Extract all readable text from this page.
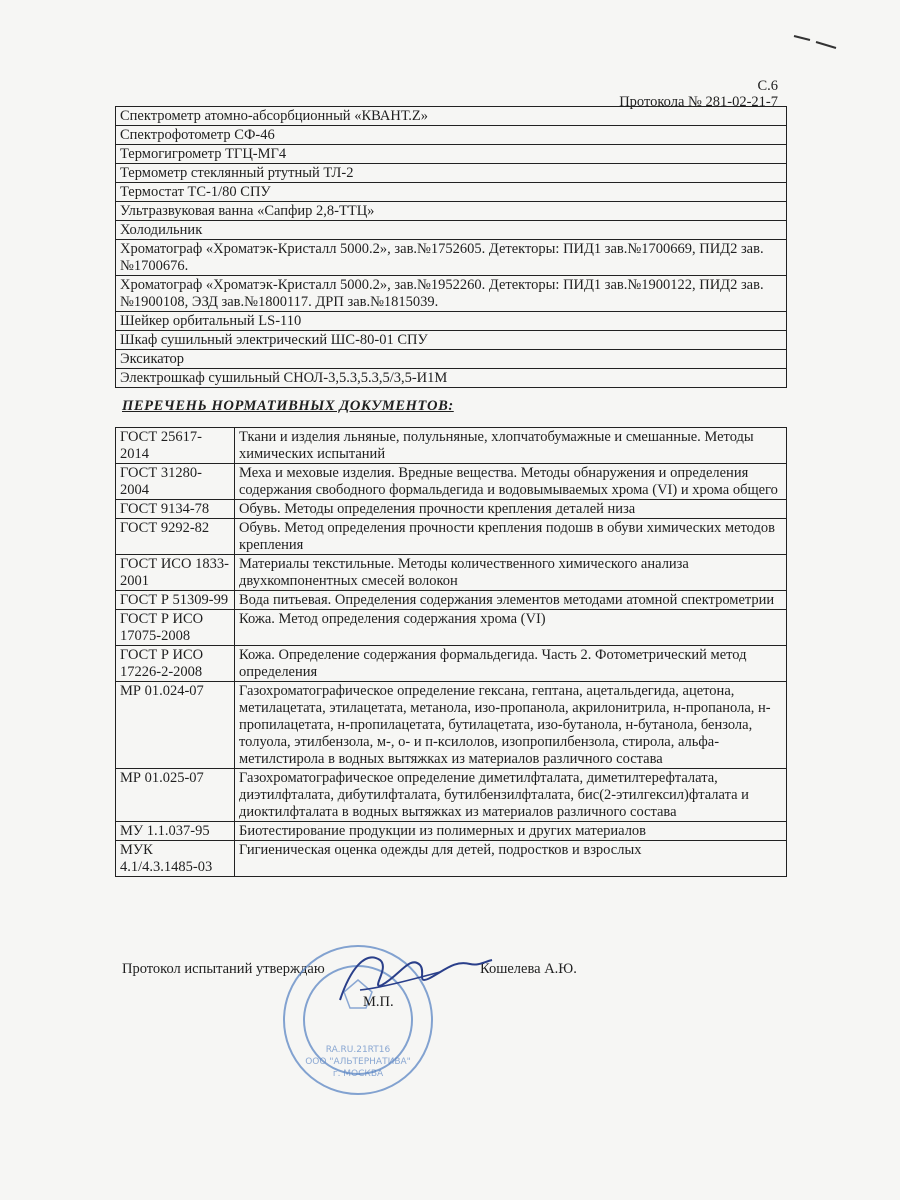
С.6
Протокола № 281-02-21-7
Спектрометр атомно-абсорбционный «КВАНТ.Z»
Спектрофотометр СФ-46
Термогигрометр ТГЦ-МГ4
Термометр стеклянный ртутный ТЛ-2
Термостат ТС-1/80 СПУ
Ультразвуковая ванна «Сапфир 2,8-ТТЦ»
Холодильник
Хроматограф «Хроматэк-Кристалл 5000.2», зав.№1752605. Детекторы: ПИД1 зав.№1700669, ПИД2 зав.№1700676.
Хроматограф «Хроматэк-Кристалл 5000.2», зав.№1952260. Детекторы: ПИД1 зав.№1900122, ПИД2 зав.№1900108, ЭЗД зав.№1800117. ДРП зав.№1815039.
Шейкер орбитальный LS-110
Шкаф сушильный электрический ШС-80-01 СПУ
Эксикатор
Электрошкаф сушильный СНОЛ-3,5.3,5.3,5/3,5-И1М
ПЕРЕЧЕНЬ НОРМАТИВНЫХ ДОКУМЕНТОВ:
ГОСТ 25617-2014	Ткани и изделия льняные, полульняные, хлопчатобумажные и смешанные. Методы химических испытаний
ГОСТ 31280-2004	Меха и меховые изделия. Вредные вещества. Методы обнаружения и определения содержания свободного формальдегида и водовымываемых хрома (VI) и хрома общего
ГОСТ 9134-78	Обувь. Методы определения прочности крепления деталей низа
ГОСТ 9292-82	Обувь. Метод определения прочности крепления подошв в обуви химических методов крепления
ГОСТ ИСО 1833-2001	Материалы текстильные. Методы количественного химического анализа двухкомпонентных смесей волокон
ГОСТ Р 51309-99	Вода питьевая. Определения содержания элементов методами атомной спектрометрии
ГОСТ Р ИСО 17075-2008	Кожа. Метод определения содержания хрома (VI)
ГОСТ Р ИСО 17226-2-2008	Кожа. Определение содержания формальдегида. Часть 2. Фотометрический метод определения
МР 01.024-07	Газохроматографическое определение гексана, гептана, ацетальдегида, ацетона, метилацетата, этилацетата, метанола, изо-пропанола, акрилонитрила, н-пропанола, н-пропилацетата, н-пропилацетата, бутилацетата, изо-бутанола, н-бутанола, бензола, толуола, этилбензола, м-, о- и п-ксилолов, изопропилбензола, стирола, альфа-метилстирола в водных вытяжках из материалов различного состава
МР 01.025-07	Газохроматографическое определение диметилфталата, диметилтерефталата, диэтилфталата, дибутилфталата, бутилбензилфталата, бис(2-этилгексил)фталата и диоктилфталата в водных вытяжках из материалов различного состава
МУ 1.1.037-95	Биотестирование продукции из полимерных и других материалов
МУК 4.1/4.3.1485-03	Гигиеническая оценка одежды для детей, подростков и взрослых
Протокол испытаний утверждаю	Кошелева А.Ю.
RA.RU.21RT16
ООО "АЛЬТЕРНАТИВА"
г. МОСКВА
М.П.
